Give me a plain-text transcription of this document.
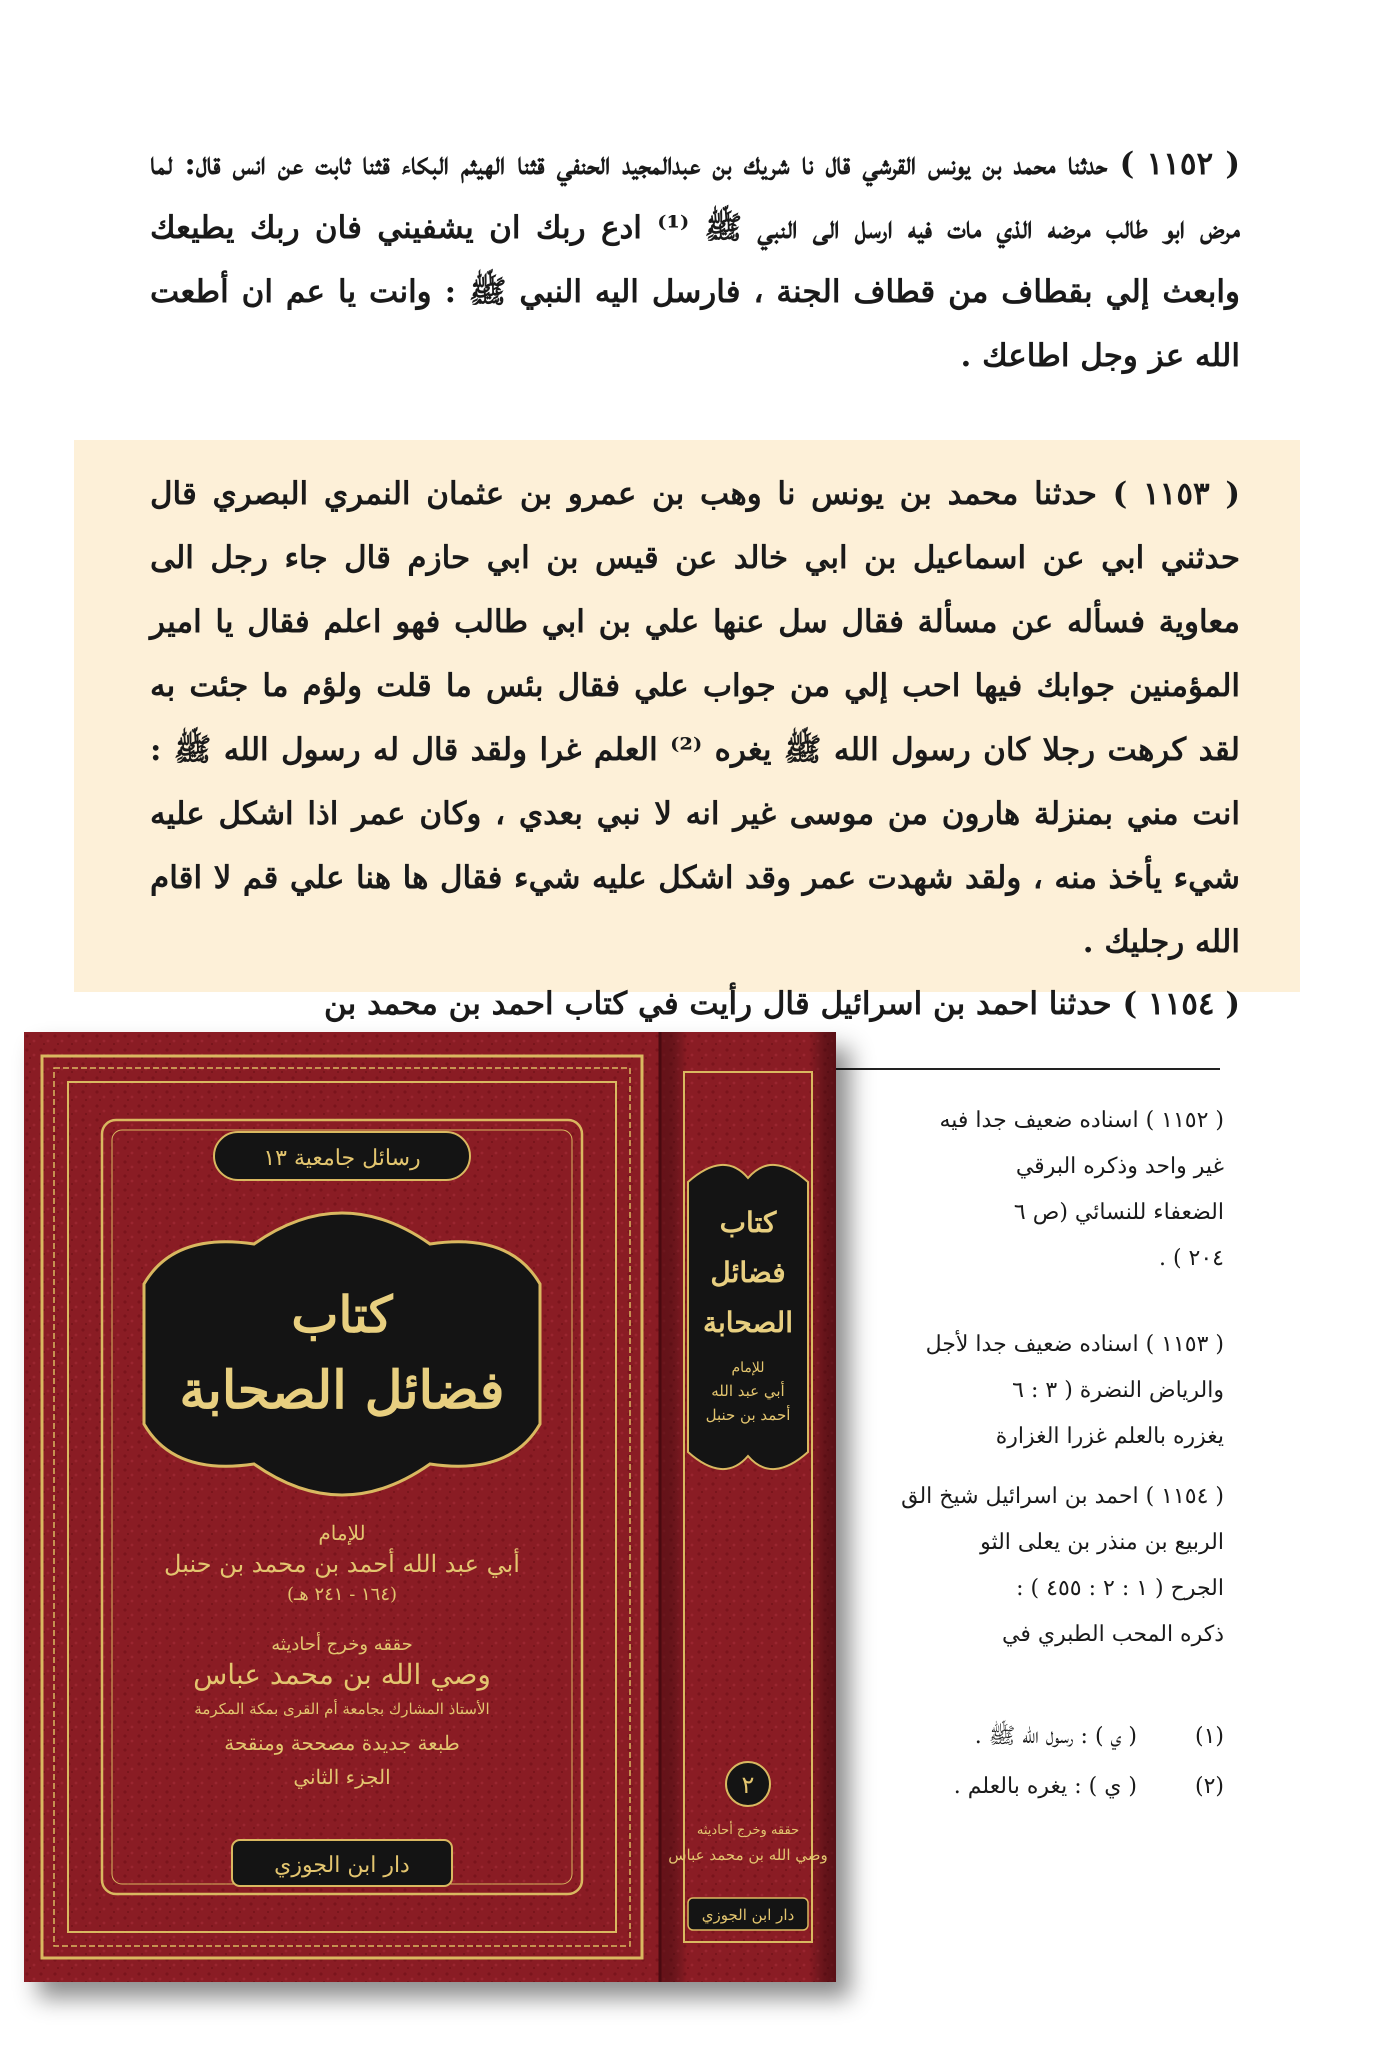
( ١١٥٢ ) حدثنا محمد بن يونس القرشي قال نا شريك بن عبدالمجيد الحنفي قثنا الهيثم البكاء قثنا ثابت عن انس قال: لما مرض ابو طالب مرضه الذي مات فيه ارسل الى النبي ﷺ ⁽¹⁾ ادع ربك ان يشفيني فان ربك يطيعك وابعث إلي بقطاف من قطاف الجنة ، فارسل اليه النبي ﷺ : وانت يا عم ان أطعت الله عز وجل اطاعك .
( ١١٥٣ ) حدثنا محمد بن يونس نا وهب بن عمرو بن عثمان النمري البصري قال حدثني ابي عن اسماعيل بن ابي خالد عن قيس بن ابي حازم قال جاء رجل الى معاوية فسأله عن مسألة فقال سل عنها علي بن ابي طالب فهو اعلم فقال يا امير المؤمنين جوابك فيها احب إلي من جواب علي فقال بئس ما قلت ولؤم ما جئت به لقد كرهت رجلا كان رسول الله ﷺ يغره ⁽²⁾ العلم غرا ولقد قال له رسول الله ﷺ : انت مني بمنزلة هارون من موسى غير انه لا نبي بعدي ، وكان عمر اذا اشكل عليه شيء يأخذ منه ، ولقد شهدت عمر وقد اشكل عليه شيء فقال ها هنا علي قم لا اقام الله رجليك .
( ١١٥٤ ) حدثنا احمد بن اسرائيل قال رأيت في كتاب احمد بن محمد بن
( ١١٥٢ ) اسناده ضعيف جدا فيه
غير واحد وذكره البرقي
الضعفاء للنسائي (ص ٦
٢٠٤ ) .
( ١١٥٣ ) اسناده ضعيف جدا لأجل
والرياض النضرة ( ٣ : ٦
يغزره بالعلم غزرا الغزارة
( ١١٥٤ ) احمد بن اسرائيل شيخ الق
الربيع بن منذر بن يعلى الثو
الجرح ( ١ : ٢ : ٤٥٥ ) :
ذكره المحب الطبري في
(١) ( ي ) : رسول الله ﷺ .
(٢) ( ي ) : يغره بالعلم .
رسائل جامعية ١٣
كتاب
فضائل الصحابة
للإمام
أبي عبد الله أحمد بن محمد بن حنبل
(١٦٤ - ٢٤١ هـ)
حققه وخرج أحاديثه
وصي الله بن محمد عباس
الأستاذ المشارك بجامعة أم القرى بمكة المكرمة
طبعة جديدة مصححة ومنقحة
الجزء الثاني
دار ابن الجوزي
كتاب
فضائل
الصحابة
للإمام
أبي عبد الله
أحمد بن حنبل
٢
حققه وخرج أحاديثه
وصي الله بن محمد عباس
دار ابن الجوزي
